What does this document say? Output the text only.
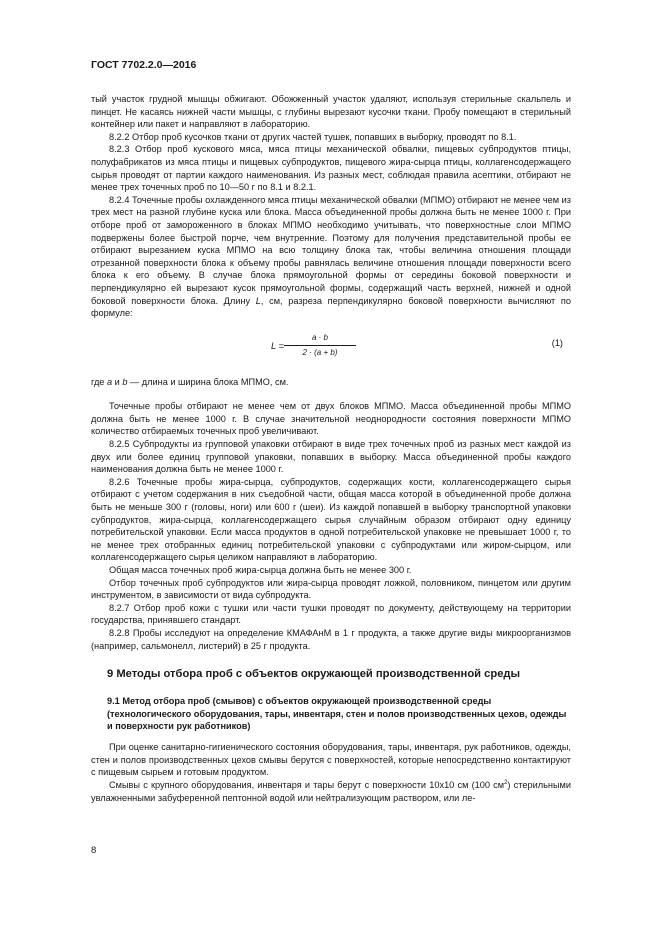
ГОСТ 7702.2.0—2016

тый участок грудной мышцы обжигают. Обожженный участок удаляют, используя стерильные скальпель и пинцет. Не касаясь нижней части мышцы, с глубины вырезают кусочки ткани. Пробу помещают в стерильный контейнер или пакет и направляют в лабораторию.

8.2.2 Отбор проб кусочков ткани от других частей тушек, попавших в выборку, проводят по 8.1.

8.2.3 Отбор проб кускового мяса, мяса птицы механической обвалки, пищевых субпродуктов птицы, полуфабрикатов из мяса птицы и пищевых субпродуктов, пищевого жира-сырца птицы, коллагенсодержащего сырья проводят от партии каждого наименования. Из разных мест, соблюдая правила асептики, отбирают не менее трех точечных проб по 10—50 г по 8.1 и 8.2.1.

8.2.4 Точечные пробы охлажденного мяса птицы механической обвалки (МПМО) отбирают не менее чем из трех мест на разной глубине куска или блока. Масса объединенной пробы должна быть не менее 1000 г. При отборе проб от замороженного в блоках МПМО необходимо учитывать, что поверхностные слои МПМО подвержены более быстрой порче, чем внутренние. Поэтому для получения представительной пробы ее отбирают вырезанием куска МПМО на всю толщину блока так, чтобы величина отношения площади отрезанной поверхности блока к объему пробы равнялась величине отношения площади поверхности всего блока к его объему. В случае блока прямоугольной формы от середины боковой поверхности и перпендикулярно ей вырезают кусок прямоугольной формы, содержащий часть верхней, нижней и одной боковой поверхности блока. Длину L, см, разреза перпендикулярно боковой поверхности вычисляют по формуле:

$L = \frac{a \cdot b}{2 \cdot (a + b)}$	(1)

где a и b — длина и ширина блока МПМО, см.

Точечные пробы отбирают не менее чем от двух блоков МПМО. Масса объединенной пробы МПМО должна быть не менее 1000 г. В случае значительной неоднородности состояния поверхности МПМО количество отбираемых точечных проб увеличивают.

8.2.5 Субпродукты из групповой упаковки отбирают в виде трех точечных проб из разных мест каждой из двух или более единиц групповой упаковки, попавших в выборку. Масса объединенной пробы каждого наименования должна быть не менее 1000 г.

8.2.6 Точечные пробы жира-сырца, субпродуктов, содержащих кости, коллагенсодержащего сырья отбирают с учетом содержания в них съедобной части, общая масса которой в объединенной пробе должна быть не меньше 300 г (головы, ноги) или 600 г (шеи). Из каждой попавшей в выборку транспортной упаковки субпродуктов, жира-сырца, коллагенсодержащего сырья случайным образом отбирают одну единицу потребительской упаковки. Если масса продуктов в одной потребительской упаковке не превышает 1000 г, то не менее трех отобранных единиц потребительской упаковки с субпродуктами или жиром-сырцом, или коллагенсодержащего сырья целиком направляют в лабораторию.

Общая масса точечных проб жира-сырца должна быть не менее 300 г.

Отбор точечных проб субпродуктов или жира-сырца проводят ложкой, половником, пинцетом или другим инструментом, в зависимости от вида субпродукта.

8.2.7 Отбор проб кожи с тушки или части тушки проводят по документу, действующему на территории государства, принявшего стандарт.

8.2.8 Пробы исследуют на определение КМАФАнМ в 1 г продукта, а также другие виды микроорганизмов (например, сальмонелл, листерий) в 25 г продукта.

9 Методы отбора проб с объектов окружающей производственной среды

9.1 Метод отбора проб (смывов) с объектов окружающей производственной среды (технологического оборудования, тары, инвентаря, стен и полов производственных цехов, одежды и поверхности рук работников)

При оценке санитарно-гигиенического состояния оборудования, тары, инвентаря, рук работников, одежды, стен и полов производственных цехов смывы берутся с поверхностей, которые непосредственно контактируют с пищевым сырьем и готовым продуктом.

Смывы с крупного оборудования, инвентаря и тары берут с поверхности 10х10 см (100 $см^2$) стерильными увлажненными забуференной пептонной водой или нейтрализующим раствором, или ле-

8
